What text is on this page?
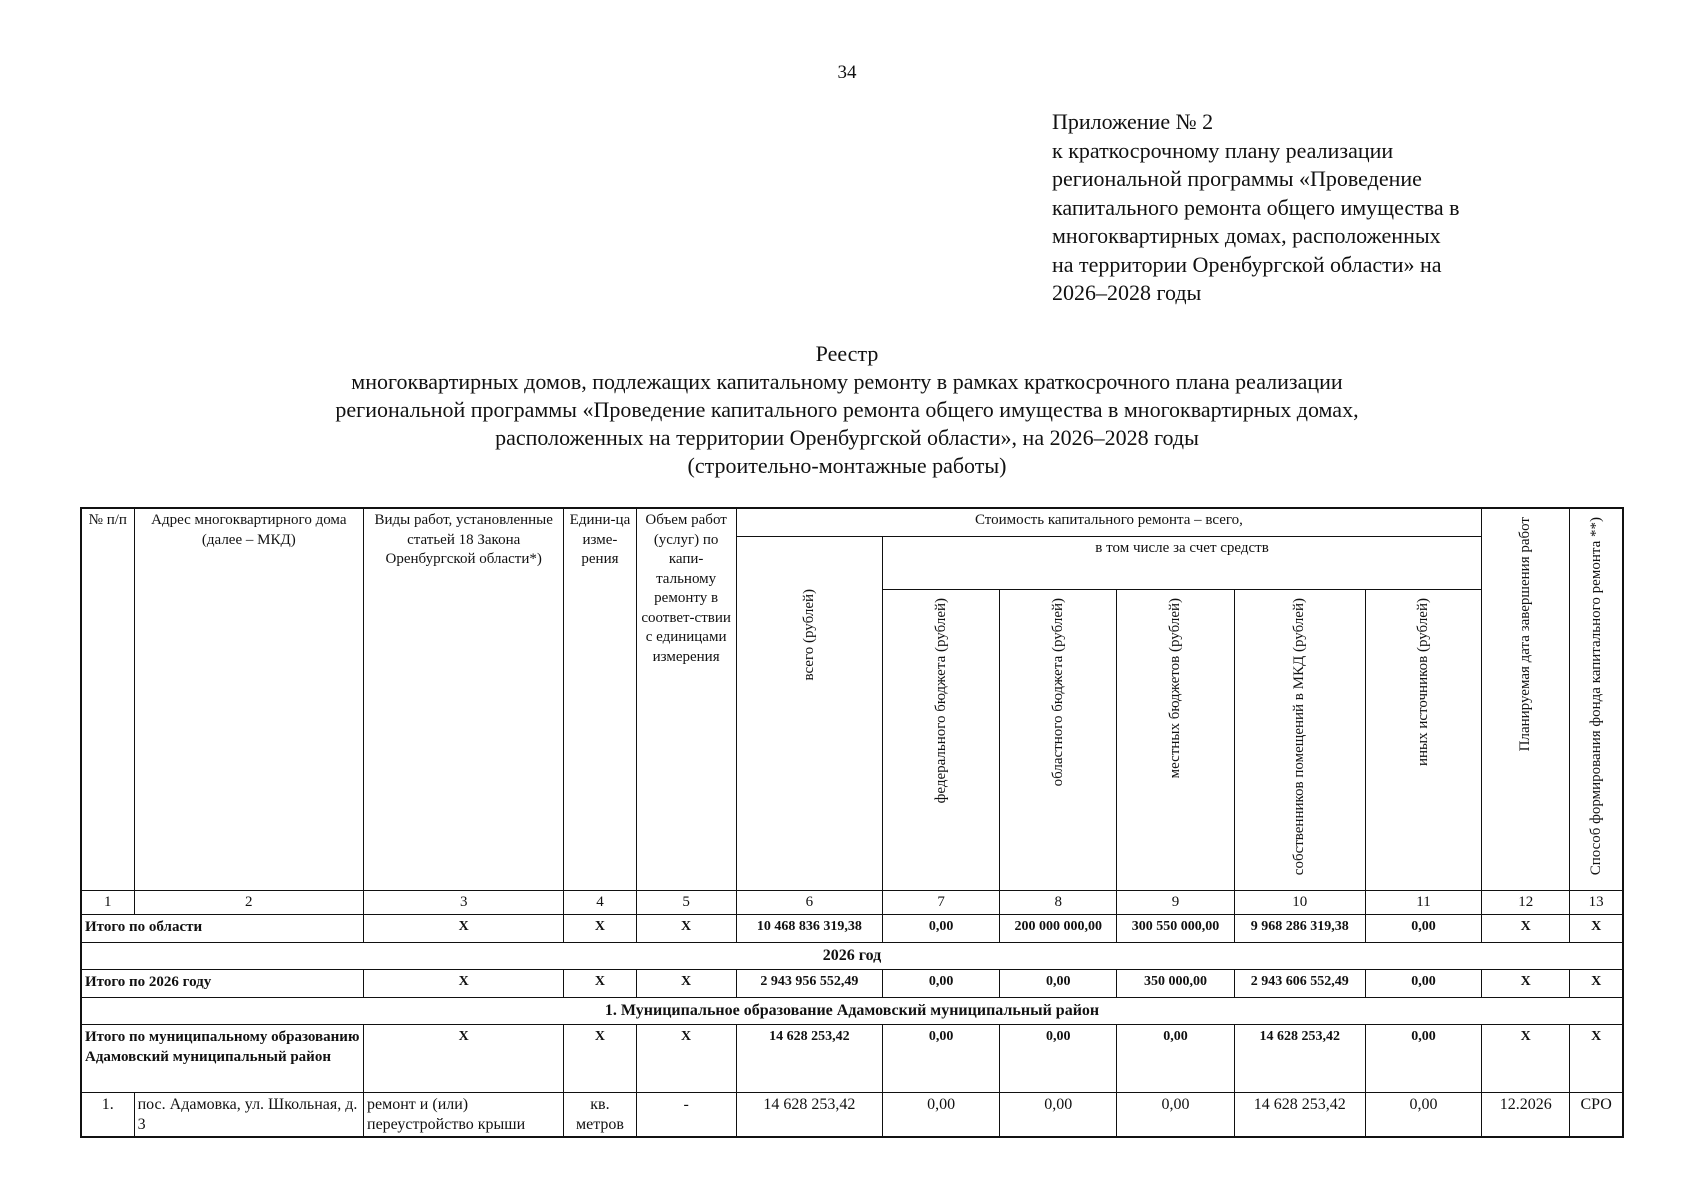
34
Приложение № 2
к краткосрочному плану реализации
региональной программы «Проведение
капитального ремонта общего имущества в
многоквартирных домах, расположенных
на территории Оренбургской области» на
2026–2028 годы
Реестр
многоквартирных домов, подлежащих капитальному ремонту в рамках краткосрочного плана реализации
региональной программы «Проведение капитального ремонта общего имущества в многоквартирных домах,
расположенных на территории Оренбургской области», на 2026–2028 годы
(строительно-монтажные работы)
№ п/п	Адрес многоквартирного дома (далее – МКД)	Виды работ, установленные статьей 18 Закона Оренбургской области*)	Едини-ца изме-рения	Объем работ (услуг) по капи-тальному ремонту в соответ-ствии с единицами измерения	Стоимость капитального ремонта – всего,						Планируемая дата завершения работ	Способ формирования фонда капитального ремонта **)
					всего (рублей)	в том числе за счет средств						
						федерального бюджета (рублей)	областного бюджета (рублей)	местных бюджетов (рублей)	собственников помещений в МКД (рублей)	иных источников (рублей)		
1	2	3	4	5	6	7	8	9	10	11	12	13
Итого по области		Х	Х	Х	10 468 836 319,38	0,00	200 000 000,00	300 550 000,00	9 968 286 319,38	0,00	Х	Х
2026 год												
Итого по 2026 году		Х	Х	Х	2 943 956 552,49	0,00	0,00	350 000,00	2 943 606 552,49	0,00	Х	Х
1. Муниципальное образование Адамовский муниципальный район												
Итого по муниципальному образованию Адамовский муниципальный район		Х	Х	Х	14 628 253,42	0,00	0,00	0,00	14 628 253,42	0,00	Х	Х
1.	пос. Адамовка, ул. Школьная, д. 3	ремонт и (или) переустройство крыши	кв. метров	-	14 628 253,42	0,00	0,00	0,00	14 628 253,42	0,00	12.2026	СРО
